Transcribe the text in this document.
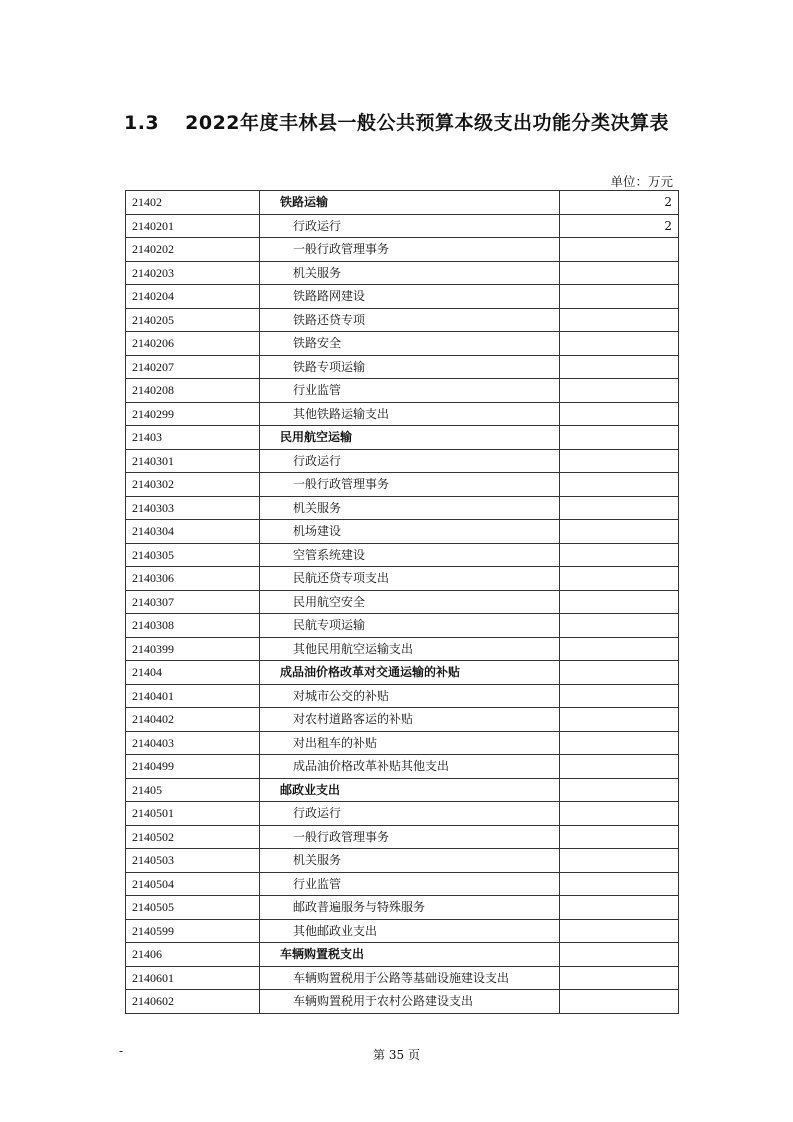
1.3 2022年度丰林县一般公共预算本级支出功能分类决算表
单位：万元
21402	铁路运输	2
2140201	行政运行	2
2140202	一般行政管理事务	
2140203	机关服务	
2140204	铁路路网建设	
2140205	铁路还贷专项	
2140206	铁路安全	
2140207	铁路专项运输	
2140208	行业监管	
2140299	其他铁路运输支出	
21403	民用航空运输	
2140301	行政运行	
2140302	一般行政管理事务	
2140303	机关服务	
2140304	机场建设	
2140305	空管系统建设	
2140306	民航还贷专项支出	
2140307	民用航空安全	
2140308	民航专项运输	
2140399	其他民用航空运输支出	
21404	成品油价格改革对交通运输的补贴	
2140401	对城市公交的补贴	
2140402	对农村道路客运的补贴	
2140403	对出租车的补贴	
2140499	成品油价格改革补贴其他支出	
21405	邮政业支出	
2140501	行政运行	
2140502	一般行政管理事务	
2140503	机关服务	
2140504	行业监管	
2140505	邮政普遍服务与特殊服务	
2140599	其他邮政业支出	
21406	车辆购置税支出	
2140601	车辆购置税用于公路等基础设施建设支出	
2140602	车辆购置税用于农村公路建设支出	
-	第 35 页
